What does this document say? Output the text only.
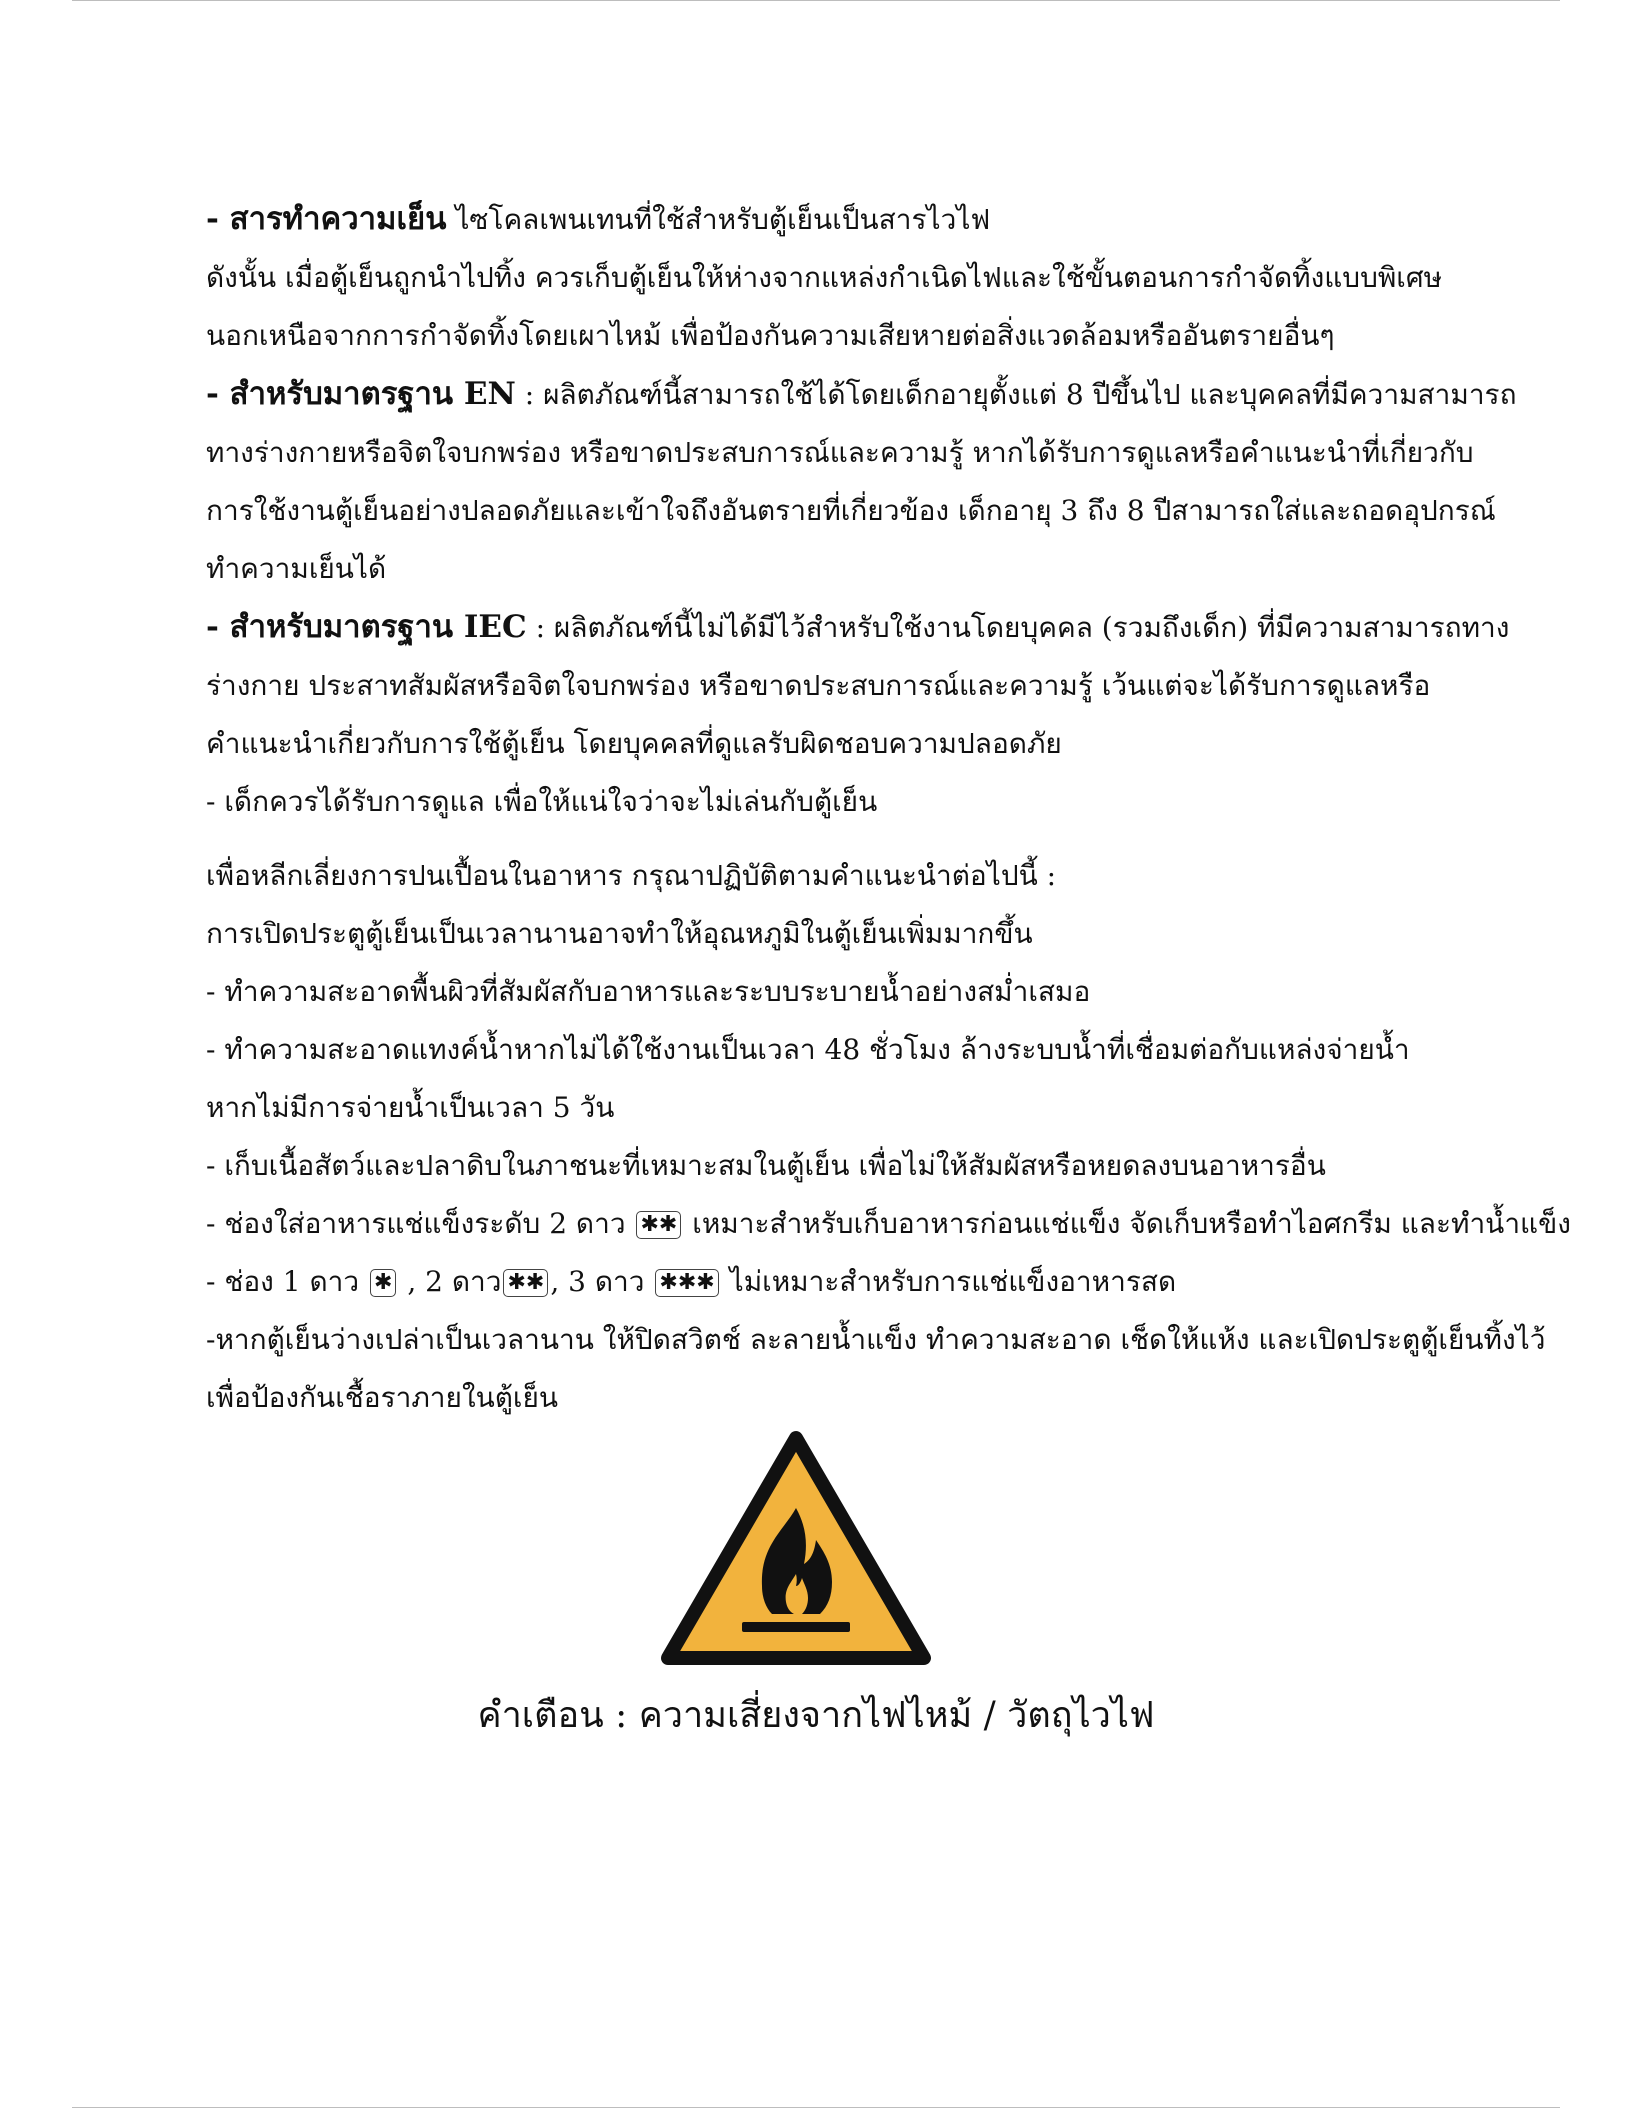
- สารทำความเย็น ไซโคลเพนเทนที่ใช้สำหรับตู้เย็นเป็นสารไวไฟ
ดังนั้น เมื่อตู้เย็นถูกนำไปทิ้ง ควรเก็บตู้เย็นให้ห่างจากแหล่งกำเนิดไฟและใช้ขั้นตอนการกำจัดทิ้งแบบพิเศษ
นอกเหนือจากการกำจัดทิ้งโดยเผาไหม้ เพื่อป้องกันความเสียหายต่อสิ่งแวดล้อมหรืออันตรายอื่นๆ
- สำหรับมาตรฐาน EN : ผลิตภัณฑ์นี้สามารถใช้ได้โดยเด็กอายุตั้งแต่ 8 ปีขึ้นไป และบุคคลที่มีความสามารถ
ทางร่างกายหรือจิตใจบกพร่อง หรือขาดประสบการณ์และความรู้ หากได้รับการดูแลหรือคำแนะนำที่เกี่ยวกับ
การใช้งานตู้เย็นอย่างปลอดภัยและเข้าใจถึงอันตรายที่เกี่ยวข้อง เด็กอายุ 3 ถึง 8 ปีสามารถใส่และถอดอุปกรณ์
ทำความเย็นได้
- สำหรับมาตรฐาน IEC : ผลิตภัณฑ์นี้ไม่ได้มีไว้สำหรับใช้งานโดยบุคคล (รวมถึงเด็ก) ที่มีความสามารถทาง
ร่างกาย ประสาทสัมผัสหรือจิตใจบกพร่อง หรือขาดประสบการณ์และความรู้ เว้นแต่จะได้รับการดูแลหรือ
คำแนะนำเกี่ยวกับการใช้ตู้เย็น โดยบุคคลที่ดูแลรับผิดชอบความปลอดภัย
- เด็กควรได้รับการดูแล เพื่อให้แน่ใจว่าจะไม่เล่นกับตู้เย็น
เพื่อหลีกเลี่ยงการปนเปื้อนในอาหาร กรุณาปฏิบัติตามคำแนะนำต่อไปนี้ :
การเปิดประตูตู้เย็นเป็นเวลานานอาจทำให้อุณหภูมิในตู้เย็นเพิ่มมากขึ้น
- ทำความสะอาดพื้นผิวที่สัมผัสกับอาหารและระบบระบายน้ำอย่างสม่ำเสมอ
- ทำความสะอาดแทงค์น้ำหากไม่ได้ใช้งานเป็นเวลา 48 ชั่วโมง ล้างระบบน้ำที่เชื่อมต่อกับแหล่งจ่ายน้ำ
หากไม่มีการจ่ายน้ำเป็นเวลา 5 วัน
- เก็บเนื้อสัตว์และปลาดิบในภาชนะที่เหมาะสมในตู้เย็น เพื่อไม่ให้สัมผัสหรือหยดลงบนอาหารอื่น
- ช่องใส่อาหารแช่แข็งระดับ 2 ดาว ✱✱ เหมาะสำหรับเก็บอาหารก่อนแช่แข็ง จัดเก็บหรือทำไอศกรีม และทำน้ำแข็ง
- ช่อง 1 ดาว ✱ , 2 ดาว ✱✱ , 3 ดาว ✱✱✱ ไม่เหมาะสำหรับการแช่แข็งอาหารสด
-หากตู้เย็นว่างเปล่าเป็นเวลานาน ให้ปิดสวิตช์ ละลายน้ำแข็ง ทำความสะอาด เช็ดให้แห้ง และเปิดประตูตู้เย็นทิ้งไว้
เพื่อป้องกันเชื้อราภายในตู้เย็น
คำเตือน : ความเสี่ยงจากไฟไหม้ / วัตถุไวไฟ
